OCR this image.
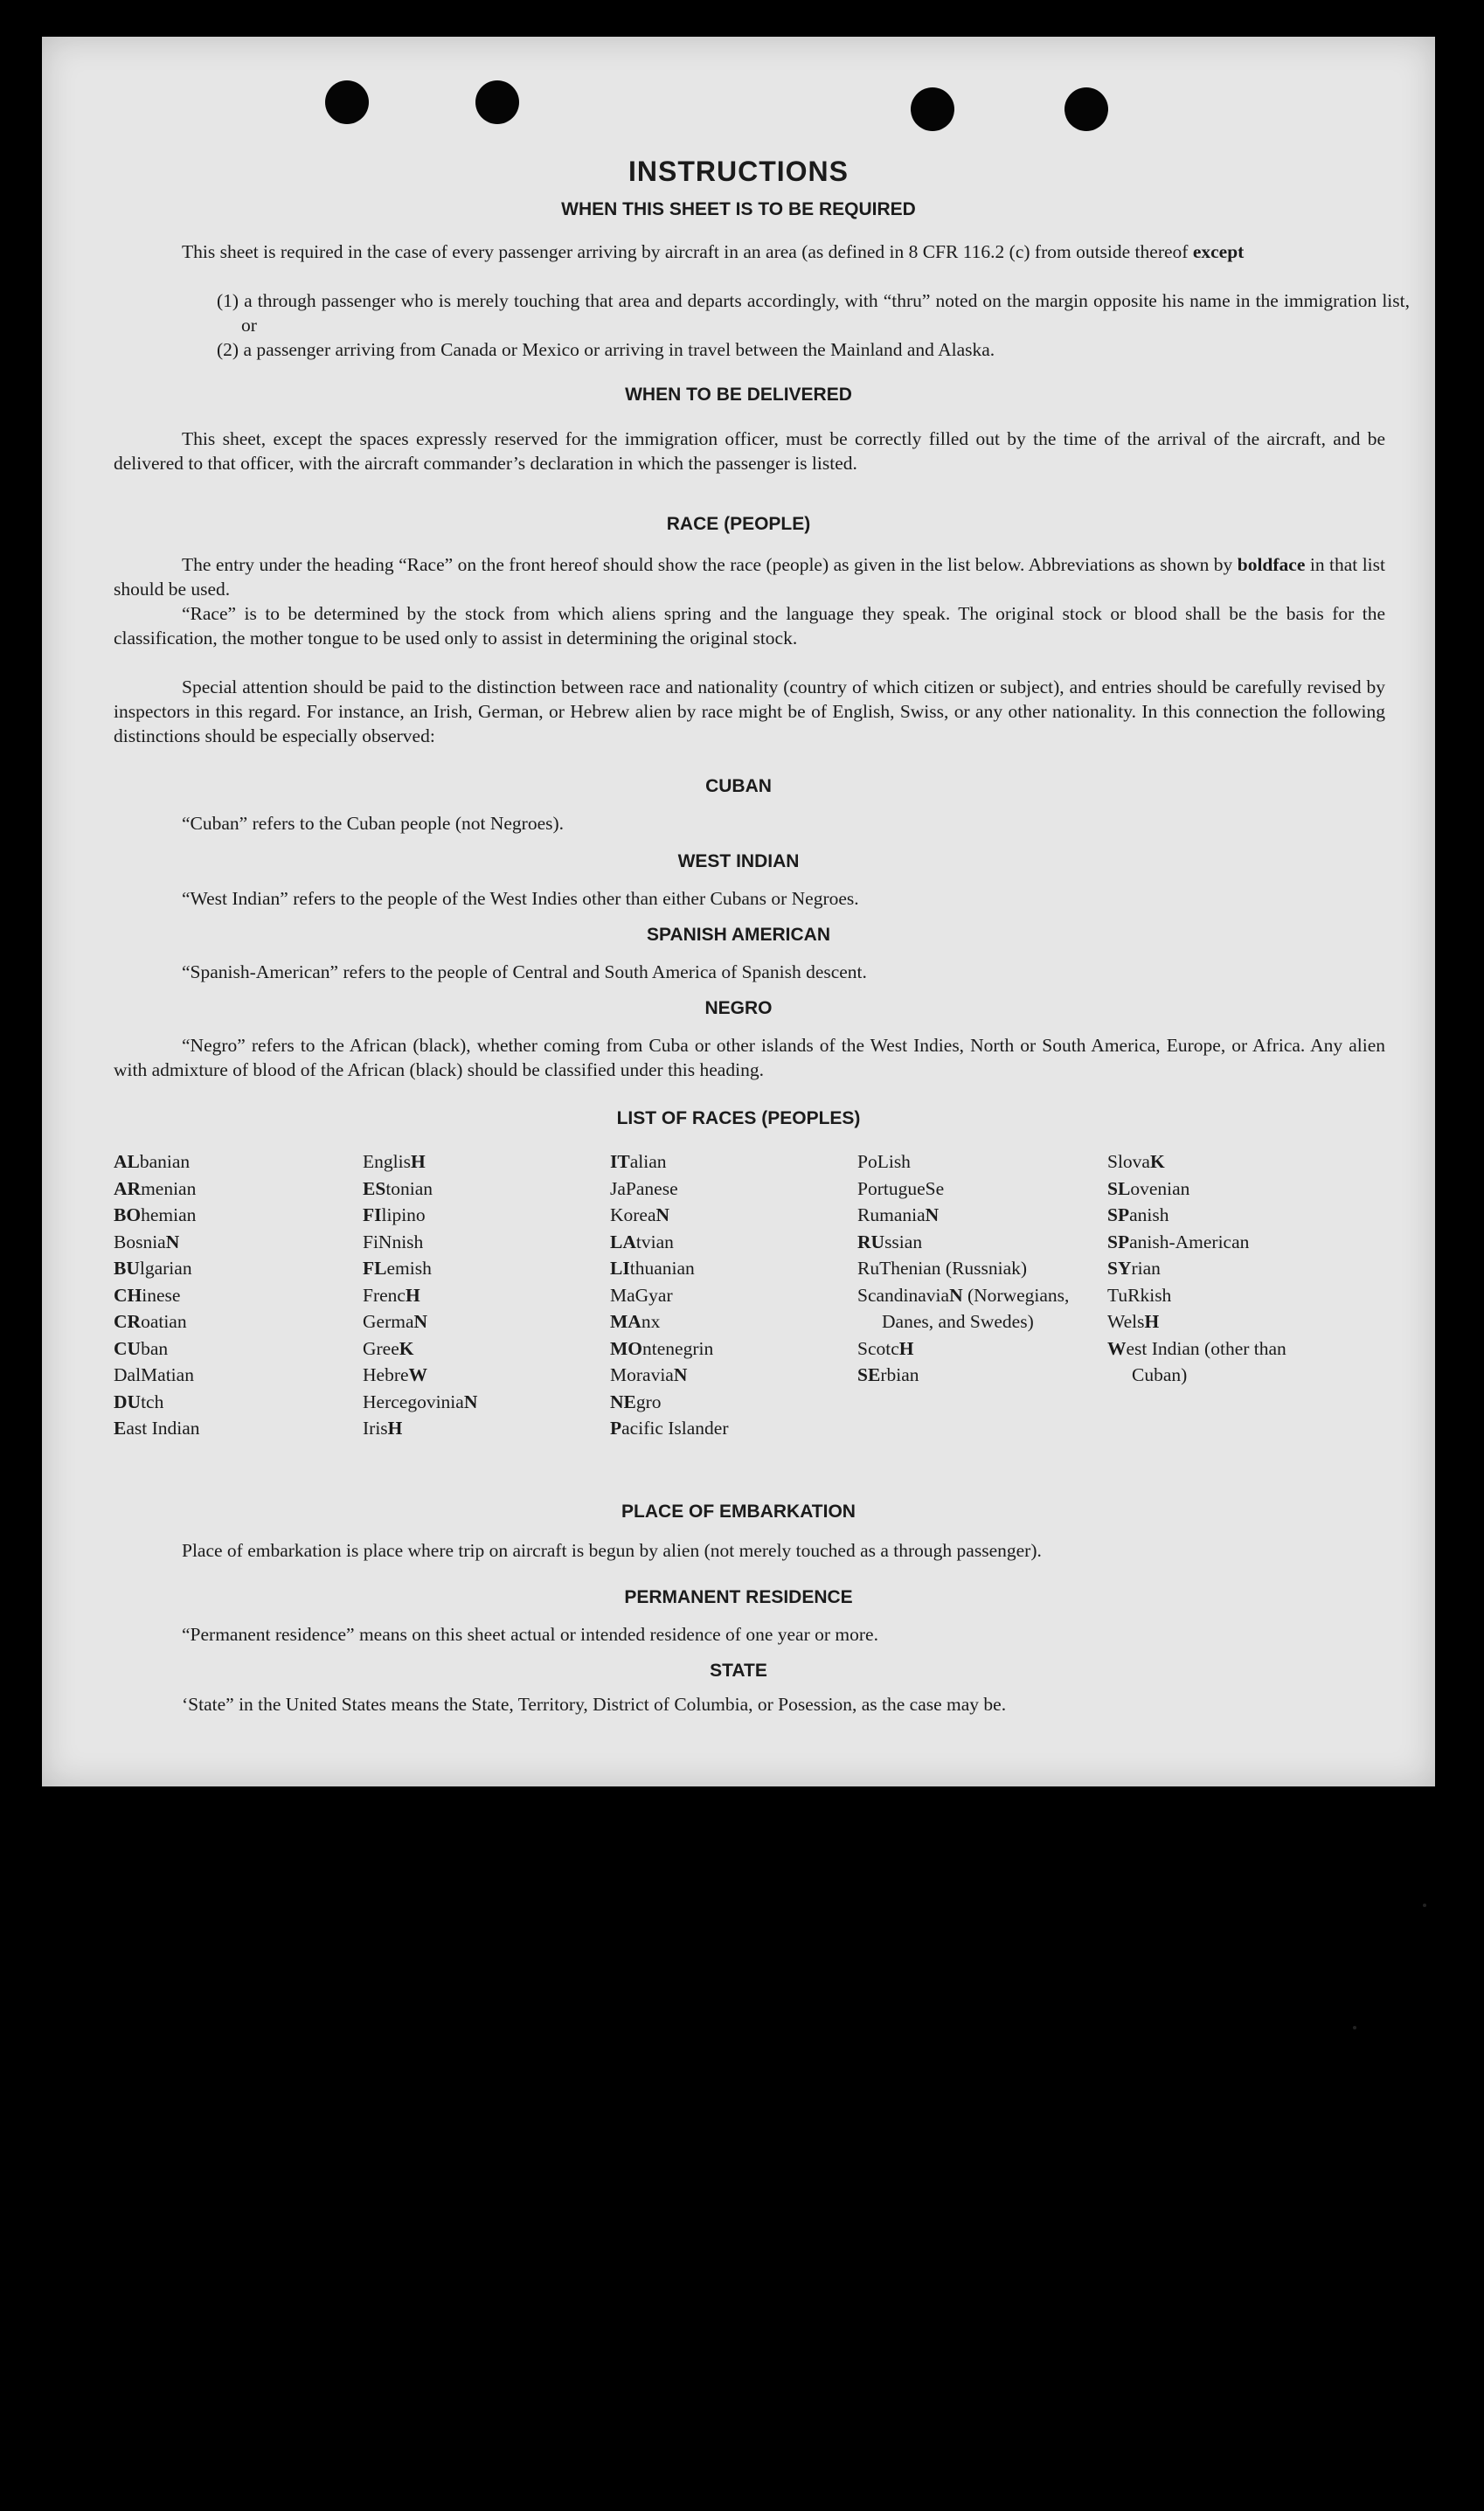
INSTRUCTIONS
WHEN THIS SHEET IS TO BE REQUIRED

This sheet is required in the case of every passenger arriving by aircraft in an area (as defined in 8 CFR 116.2 (c) from outside thereof except

(1) a through passenger who is merely touching that area and departs accordingly, with “thru” noted on the margin opposite his name in the immigration list, or

(2) a passenger arriving from Canada or Mexico or arriving in travel between the Mainland and Alaska.

WHEN TO BE DELIVERED

This sheet, except the spaces expressly reserved for the immigration officer, must be correctly filled out by the time of the arrival of the aircraft, and be delivered to that officer, with the aircraft commander’s declaration in which the passenger is listed.

RACE (PEOPLE)

The entry under the heading “Race” on the front hereof should show the race (people) as given in the list below. Abbreviations as shown by boldface in that list should be used.

“Race” is to be determined by the stock from which aliens spring and the language they speak. The original stock or blood shall be the basis for the classification, the mother tongue to be used only to assist in determining the original stock.

Special attention should be paid to the distinction between race and nationality (country of which citizen or subject), and entries should be carefully revised by inspectors in this regard. For instance, an Irish, German, or Hebrew alien by race might be of English, Swiss, or any other nationality. In this connection the following distinctions should be especially observed:

CUBAN

“Cuban” refers to the Cuban people (not Negroes).

WEST INDIAN

“West Indian” refers to the people of the West Indies other than either Cubans or Negroes.

SPANISH AMERICAN

“Spanish-American” refers to the people of Central and South America of Spanish descent.

NEGRO

“Negro” refers to the African (black), whether coming from Cuba or other islands of the West Indies, North or South America, Europe, or Africa. Any alien with admixture of blood of the African (black) should be classified under this heading.

LIST OF RACES (PEOPLES)
ALbanian
ARmenian
BOhemian
BosniaN
BUlgarian
CHinese
CRoatian
CUban
DalMatian
DUtch
East Indian
EnglisH
EStonian
FIlipino
FiNnish
FLemish
FrencH
GermaN
GreeK
HebreW
HercegoviniaN
IrisH
ITalian
JaPanese
KoreaN
LAtvian
LIthuanian
MaGyar
MAnx
MOntenegrin
MoraviaN
NEgro
Pacific Islander
PoLish
PortugueSe
RumaniaN
RUssian
RuThenian (Russniak)
ScandinaviaN (Norwegians, Danes, and Swedes)
ScotcH
SErbian
SlovaK
SLovenian
SPanish
SPanish-American
SYrian
TuRkish
WelsH
West Indian (other than Cuban)
PLACE OF EMBARKATION

Place of embarkation is place where trip on aircraft is begun by alien (not merely touched as a through passenger).

PERMANENT RESIDENCE

“Permanent residence” means on this sheet actual or intended residence of one year or more.

STATE

‘State” in the United States means the State, Territory, District of Columbia, or Posession, as the case may be.
